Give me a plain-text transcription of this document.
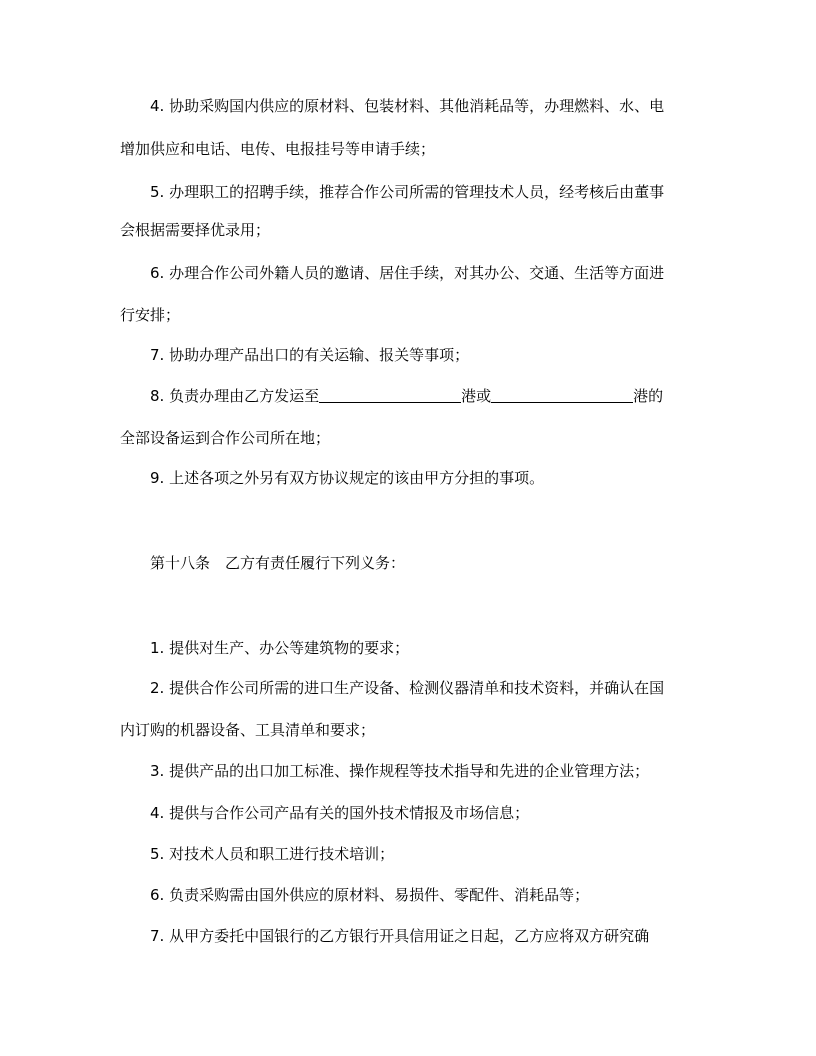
4. 协助采购国内供应的原材料、包装材料、其他消耗品等，办理燃料、水、电
增加供应和电话、电传、电报挂号等申请手续；
5. 办理职工的招聘手续，推荐合作公司所需的管理技术人员，经考核后由董事
会根据需要择优录用；
6. 办理合作公司外籍人员的邀请、居住手续，对其办公、交通、生活等方面进
行安排；
7. 协助办理产品出口的有关运输、报关等事项；
8. 负责办理由乙方发运至	港或	港的
全部设备运到合作公司所在地；
9. 上述各项之外另有双方协议规定的该由甲方分担的事项。
第十八条　乙方有责任履行下列义务：
1. 提供对生产、办公等建筑物的要求；
2. 提供合作公司所需的进口生产设备、检测仪器清单和技术资料，并确认在国
内订购的机器设备、工具清单和要求；
3. 提供产品的出口加工标准、操作规程等技术指导和先进的企业管理方法；
4. 提供与合作公司产品有关的国外技术情报及市场信息；
5. 对技术人员和职工进行技术培训；
6. 负责采购需由国外供应的原材料、易损件、零配件、消耗品等；
7. 从甲方委托中国银行的乙方银行开具信用证之日起，乙方应将双方研究确
